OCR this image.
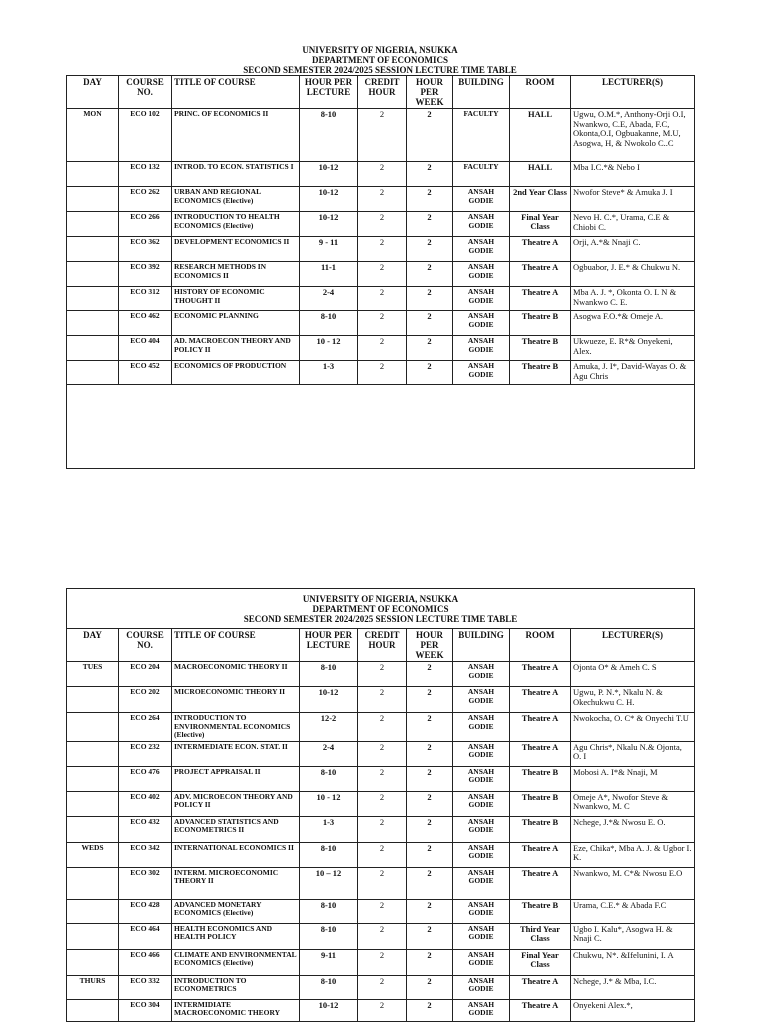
UNIVERSITY OF NIGERIA, NSUKKA
DEPARTMENT OF ECONOMICS
SECOND SEMESTER 2024/2025 SESSION LECTURE TIME TABLE
DAY	COURSE NO.	TITLE OF COURSE	HOUR PER LECTURE	CREDIT HOUR	HOUR PER WEEK	BUILDING	ROOM	LECTURER(S)
MON	ECO 102	PRINC. OF ECONOMICS II	8-10	2	2	FACULTY	HALL	Ugwu, O.M.*, Anthony-Orji O.I, Nwankwo, C.E, Abada, F.C, Okonta,O.I, Ogbuakanne, M.U, Asogwa, H, & Nwokolo C..C
	ECO 132	INTROD. TO ECON. STATISTICS I	10-12	2	2	FACULTY	HALL	Mba I.C.*& Nebo I
	ECO 262	URBAN AND REGIONAL ECONOMICS (Elective)	10-12	2	2	ANSAH GODIE	2nd Year Class	Nwofor Steve* & Amuka J. I
	ECO 266	INTRODUCTION TO HEALTH ECONOMICS (Elective)	10-12	2	2	ANSAH GODIE	Final Year Class	Nevo H. C.*, Urama, C.E & Chiobi C.
	ECO 362	DEVELOPMENT ECONOMICS II	9 - 11	2	2	ANSAH GODIE	Theatre A	Orji, A.*& Nnaji C.
	ECO 392	RESEARCH METHODS IN ECONOMICS II	11-1	2	2	ANSAH GODIE	Theatre A	Ogbuabor, J. E.* & Chukwu N.
	ECO 312	HISTORY OF ECONOMIC THOUGHT II	2-4	2	2	ANSAH GODIE	Theatre A	Mba A. J. *, Okonta O. I. N & Nwankwo C. E.
	ECO 462	ECONOMIC PLANNING	8-10	2	2	ANSAH GODIE	Theatre B	Asogwa F.O.*& Omeje A.
	ECO 404	AD. MACROECON THEORY AND POLICY II	10 - 12	2	2	ANSAH GODIE	Theatre B	Ukwueze, E. R*& Onyekeni, Alex.
	ECO 452	ECONOMICS OF PRODUCTION	1-3	2	2	ANSAH GODIE	Theatre B	Amuka, J. I*, David-Wayas O. & Agu Chris

UNIVERSITY OF NIGERIA, NSUKKA
DEPARTMENT OF ECONOMICS
SECOND SEMESTER 2024/2025 SESSION LECTURE TIME TABLE								

DAY	COURSE NO.	TITLE OF COURSE	HOUR PER LECTURE	CREDIT HOUR	HOUR PER WEEK	BUILDING	ROOM	LECTURER(S)
TUES	ECO 204	MACROECONOMIC THEORY II	8-10	2	2	ANSAH GODIE	Theatre A	Ojonta O* & Ameh C. S
	ECO 202	MICROECONOMIC THEORY II	10-12	2	2	ANSAH GODIE	Theatre A	Ugwu, P. N.*, Nkalu N. & Okechukwu C. H.
	ECO 264	INTRODUCTION TO ENVIRONMENTAL ECONOMICS (Elective)	12-2	2	2	ANSAH GODIE	Theatre A	Nwokocha, O. C* & Onyechi T.U
	ECO 232	INTERMEDIATE ECON. STAT. II	2-4	2	2	ANSAH GODIE	Theatre A	Agu Chris*, Nkalu N.& Ojonta, O. I
	ECO 476	PROJECT APPRAISAL II	8-10	2	2	ANSAH GODIE	Theatre B	Mobosi A. I*& Nnaji, M
	ECO 402	ADV. MICROECON THEORY AND POLICY II	10 - 12	2	2	ANSAH GODIE	Theatre B	Omeje A*, Nwofor Steve & Nwankwo, M. C
	ECO 432	ADVANCED STATISTICS AND ECONOMETRICS II	1-3	2	2	ANSAH GODIE	Theatre B	Nchege, J.*& Nwosu E. O.
WEDS	ECO 342	INTERNATIONAL ECONOMICS II	8-10	2	2	ANSAH GODIE	Theatre A	Eze, Chika*, Mba A. J. & Ugbor I. K.
	ECO 302	INTERM. MICROECONOMIC THEORY II	10 – 12	2	2	ANSAH GODIE	Theatre A	Nwankwo, M. C*& Nwosu E.O
	ECO 428	ADVANCED MONETARY ECONOMICS (Elective)	8-10	2	2	ANSAH GODIE	Theatre B	Urama, C.E.* & Abada F.C
	ECO 464	HEALTH ECONOMICS AND HEALTH POLICY	8-10	2	2	ANSAH GODIE	Third Year Class	Ugbo I. Kalu*, Asogwa H. & Nnaji C.
	ECO 466	CLIMATE AND ENVIRONMENTAL ECONOMICS (Elective)	9-11	2	2	ANSAH GODIE	Final Year Class	Chukwu, N*. &Ifelunini, I. A
THURS	ECO 332	INTRODUCTION TO ECONOMETRICS	8-10	2	2	ANSAH GODIE	Theatre A	Nchege, J.* & Mba, I.C.
	ECO 304	INTERMIDIATE MACROECONOMIC THEORY	10-12	2	2	ANSAH GODIE	Theatre A	Onyekeni Alex.*,
